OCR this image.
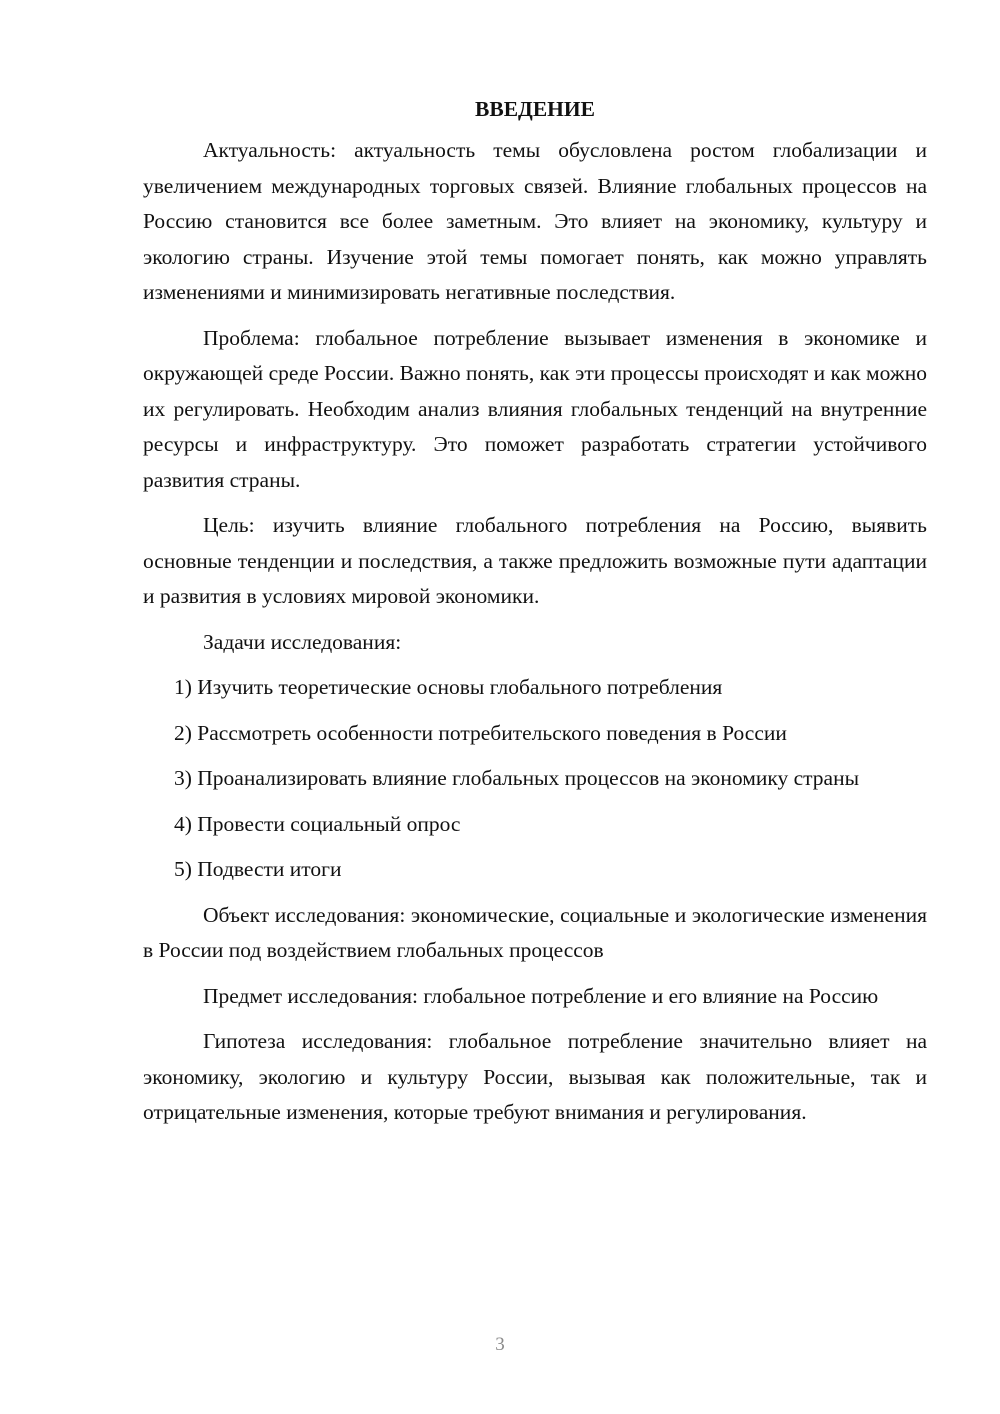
ВВЕДЕНИЕ

Актуальность: актуальность темы обусловлена ростом глобализации и увеличением международных торговых связей. Влияние глобальных процессов на Россию становится все более заметным. Это влияет на экономику, культуру и экологию страны. Изучение этой темы помогает понять, как можно управлять изменениями и минимизировать негативные последствия.

Проблема: глобальное потребление вызывает изменения в экономике и окружающей среде России. Важно понять, как эти процессы происходят и как можно их регулировать. Необходим анализ влияния глобальных тенденций на внутренние ресурсы и инфраструктуру. Это поможет разработать стратегии устойчивого развития страны.

Цель: изучить влияние глобального потребления на Россию, выявить основные тенденции и последствия, а также предложить возможные пути адаптации и развития в условиях мировой экономики.

Задачи исследования:

1) Изучить теоретические основы глобального потребления

2) Рассмотреть особенности потребительского поведения в России

3) Проанализировать влияние глобальных процессов на экономику страны

4) Провести социальный опрос

5) Подвести итоги

Объект исследования: экономические, социальные и экологические изменения в России под воздействием глобальных процессов

Предмет исследования: глобальное потребление и его влияние на Россию

Гипотеза исследования: глобальное потребление значительно влияет на экономику, экологию и культуру России, вызывая как положительные, так и отрицательные изменения, которые требуют внимания и регулирования.

3
